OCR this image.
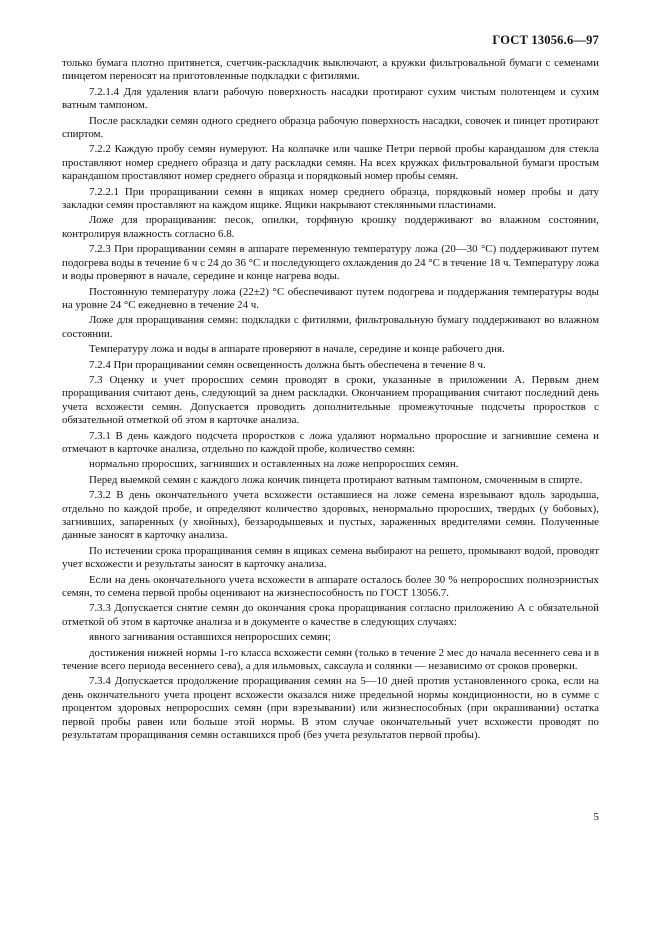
ГОСТ 13056.6—97

только бумага плотно притянется, счетчик-раскладчик выключают, а кружки фильтровальной бумаги с семенами пинцетом переносят на приготовленные подкладки с фитилями.

7.2.1.4 Для удаления влаги рабочую поверхность насадки протирают сухим чистым полотенцем и сухим ватным тампоном.

После раскладки семян одного среднего образца рабочую поверхность насадки, совочек и пинцет протирают спиртом.

7.2.2 Каждую пробу семян нумеруют. На колпачке или чашке Петри первой пробы карандашом для стекла проставляют номер среднего образца и дату раскладки семян. На всех кружках фильтровальной бумаги простым карандашом проставляют номер среднего образца и порядковый номер пробы семян.

7.2.2.1 При проращивании семян в ящиках номер среднего образца, порядковый номер пробы и дату закладки семян проставляют на каждом ящике. Ящики накрывают стеклянными пластинами.

Ложе для проращивания: песок, опилки, торфяную крошку поддерживают во влажном состоянии, контролируя влажность согласно 6.8.

7.2.3 При проращивании семян в аппарате переменную температуру ложа (20—30 °С) поддерживают путем подогрева воды в течение 6 ч с 24 до 36 °С и последующего охлаждения до 24 °С в течение 18 ч. Температуру ложа и воды проверяют в начале, середине и конце нагрева воды.

Постоянную температуру ложа (22±2) °С обеспечивают путем подогрева и поддержания температуры воды на уровне 24 °С ежедневно в течение 24 ч.

Ложе для проращивания семян: подкладки с фитилями, фильтровальную бумагу поддерживают во влажном состоянии.

Температуру ложа и воды в аппарате проверяют в начале, середине и конце рабочего дня.

7.2.4 При проращивании семян освещенность должна быть обеспечена в течение 8 ч.

7.3 Оценку и учет проросших семян проводят в сроки, указанные в приложении А. Первым днем проращивания считают день, следующий за днем раскладки. Окончанием проращивания считают последний день учета всхожести семян. Допускается проводить дополнительные промежуточные подсчеты проростков с обязательной отметкой об этом в карточке анализа.

7.3.1 В день каждого подсчета проростков с ложа удаляют нормально проросшие и загнившие семена и отмечают в карточке анализа, отдельно по каждой пробе, количество семян:

нормально проросших, загнивших и оставленных на ложе непроросших семян.

Перед выемкой семян с каждого ложа кончик пинцета протирают ватным тампоном, смоченным в спирте.

7.3.2 В день окончательного учета всхожести оставшиеся на ложе семена взрезывают вдоль зародыша, отдельно по каждой пробе, и определяют количество здоровых, ненормально проросших, твердых (у бобовых), загнивших, запаренных (у хвойных), беззародышевых и пустых, зараженных вредителями семян. Полученные данные заносят в карточку анализа.

По истечении срока проращивания семян в ящиках семена выбирают на решето, промывают водой, проводят учет всхожести и результаты заносят в карточку анализа.

Если на день окончательного учета всхожести в аппарате осталось более 30 % непроросших полноэрнистых семян, то семена первой пробы оценивают на жизнеспособность по ГОСТ 13056.7.

7.3.3 Допускается снятие семян до окончания срока проращивания согласно приложению А с обязательной отметкой об этом в карточке анализа и в документе о качестве в следующих случаях:

явного загнивания оставшихся непроросших семян;

достижения нижней нормы 1-го класса всхожести семян (только в течение 2 мес до начала весеннего сева и в течение всего периода весеннего сева), а для ильмовых, саксаула и солянки — независимо от сроков проверки.

7.3.4 Допускается продолжение проращивания семян на 5—10 дней против установленного срока, если на день окончательного учета процент всхожести оказался ниже предельной нормы кондиционности, но в сумме с процентом здоровых непроросших семян (при взрезывании) или жизнеспособных (при окрашивании) остатка первой пробы равен или больше этой нормы. В этом случае окончательный учет всхожести проводят по результатам проращивания семян оставшихся проб (без учета результатов первой пробы).

5
